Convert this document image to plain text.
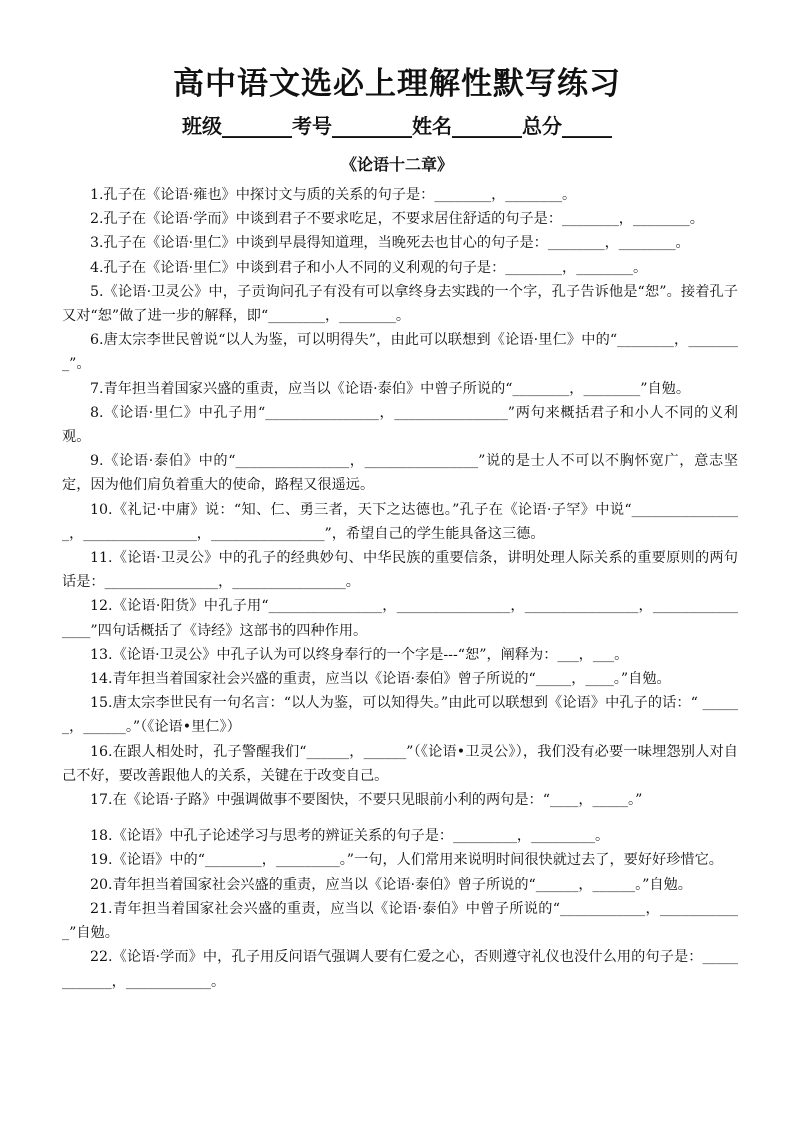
高中语文选必上理解性默写练习
班级_______考号________姓名_______总分_____
《论语十二章》

1.孔子在《论语·雍也》中探讨文与质的关系的句子是：________，________。

2.孔子在《论语·学而》中谈到君子不要求吃足，不要求居住舒适的句子是：________，________。

3.孔子在《论语·里仁》中谈到早晨得知道理，当晚死去也甘心的句子是：________，________。

4.孔子在《论语·里仁》中谈到君子和小人不同的义利观的句子是：________，________。

5.《论语·卫灵公》中，子贡询问孔子有没有可以拿终身去实践的一个字，孔子告诉他是“恕”。接着孔子又对“恕”做了进一步的解释，即“________，________。

6.唐太宗李世民曾说“以人为鉴，可以明得失”，由此可以联想到《论语·里仁》中的“________，________”。

7.青年担当着国家兴盛的重责，应当以《论语·泰伯》中曾子所说的“________，________”自勉。

8.《论语·里仁》中孔子用“________________，________________”两句来概括君子和小人不同的义利观。

9.《论语·泰伯》中的“________________，________________”说的是士人不可以不胸怀宽广，意志坚定，因为他们肩负着重大的使命，路程又很遥远。

10.《礼记·中庸》说：“知、仁、勇三者，天下之达德也。”孔子在《论语·子罕》中说“________________，________________，________________”，希望自己的学生能具备这三德。

11.《论语·卫灵公》中的孔子的经典妙句、中华民族的重要信条，讲明处理人际关系的重要原则的两句话是：________________，________________。

12.《论语·阳货》中孔子用“________________，________________，________________，________________”四句话概括了《诗经》这部书的四种作用。

13.《论语·卫灵公》中孔子认为可以终身奉行的一个字是---“恕”，阐释为：___，___。

14.青年担当着国家社会兴盛的重责，应当以《论语·泰伯》曾子所说的“_____，____。”自勉。

15.唐太宗李世民有一句名言：“以人为鉴，可以知得失。”由此可以联想到《论语》中孔子的话：“ ______，______。”（《论语•里仁》）

16.在跟人相处时，孔子警醒我们“______，______”（《论语•卫灵公》），我们没有必要一味埋怨别人对自己不好，要改善跟他人的关系，关键在于改变自己。

17.在《论语·子路》中强调做事不要图快，不要只见眼前小利的两句是：“____，_____。”

18.《论语》中孔子论述学习与思考的辨证关系的句子是：_________，_________。

19.《论语》中的“________，_________。”一句，人们常用来说明时间很快就过去了，要好好珍惜它。

20.青年担当着国家社会兴盛的重责，应当以《论语·泰伯》曾子所说的“______，______。”自勉。

21.青年担当着国家社会兴盛的重责，应当以《论语·泰伯》中曾子所说的“____________，____________”自勉。

22.《论语·学而》中，孔子用反问语气强调人要有仁爱之心，否则遵守礼仪也没什么用的句子是：____________，____________。
